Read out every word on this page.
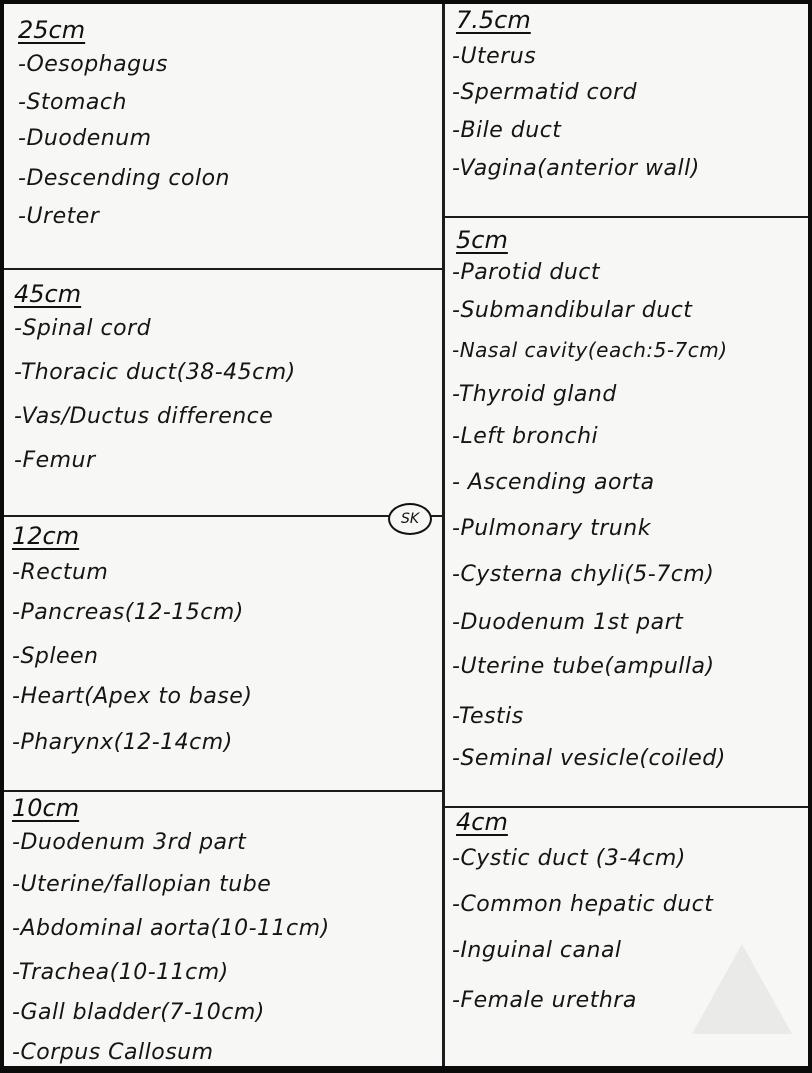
25cm
-Oesophagus
-Stomach
-Duodenum
-Descending colon
-Ureter
45cm
-Spinal cord
-Thoracic duct(38-45cm)
-Vas/Ductus difference
-Femur
12cm
-Rectum
-Pancreas(12-15cm)
-Spleen
-Heart(Apex to base)
-Pharynx(12-14cm)
10cm
-Duodenum 3rd part
-Uterine/fallopian tube
-Abdominal aorta(10-11cm)
-Trachea(10-11cm)
-Gall bladder(7-10cm)
-Corpus Callosum
7.5cm
-Uterus
-Spermatid cord
-Bile duct
-Vagina(anterior wall)
5cm
-Parotid duct
-Submandibular duct
-Nasal cavity(each:5-7cm)
-Thyroid gland
-Left bronchi
- Ascending aorta
-Pulmonary trunk
-Cysterna chyli(5-7cm)
-Duodenum 1st part
-Uterine tube(ampulla)
-Testis
-Seminal vesicle(coiled)
4cm
-Cystic duct (3-4cm)
-Common hepatic duct
-Inguinal canal
-Female urethra
SK
